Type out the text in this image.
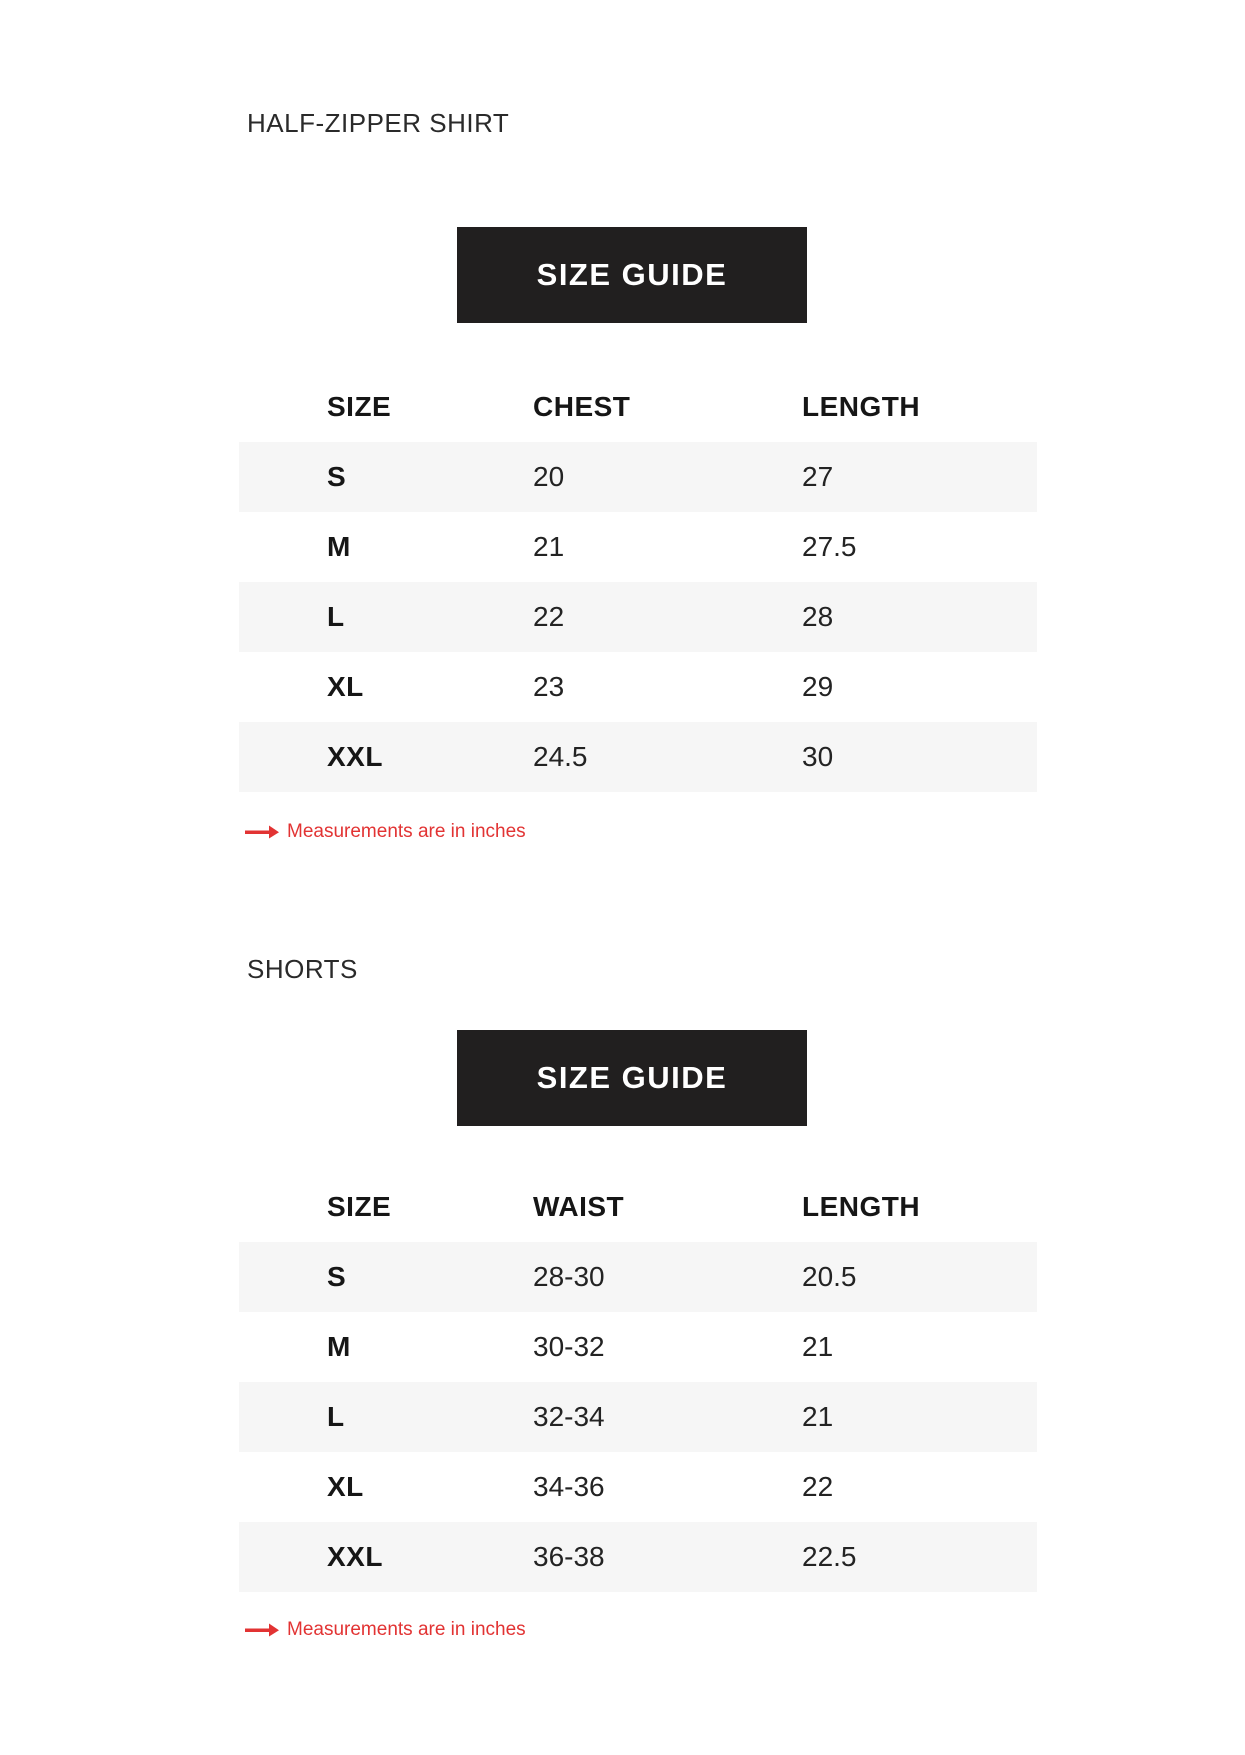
HALF-ZIPPER SHIRT
SIZE GUIDE
SIZE	CHEST	LENGTH
S	20	27
M	21	27.5
L	22	28
XL	23	29
XXL	24.5	30
Measurements are in inches
SHORTS
SIZE GUIDE
SIZE	WAIST	LENGTH
S	28-30	20.5
M	30-32	21
L	32-34	21
XL	34-36	22
XXL	36-38	22.5
Measurements are in inches
